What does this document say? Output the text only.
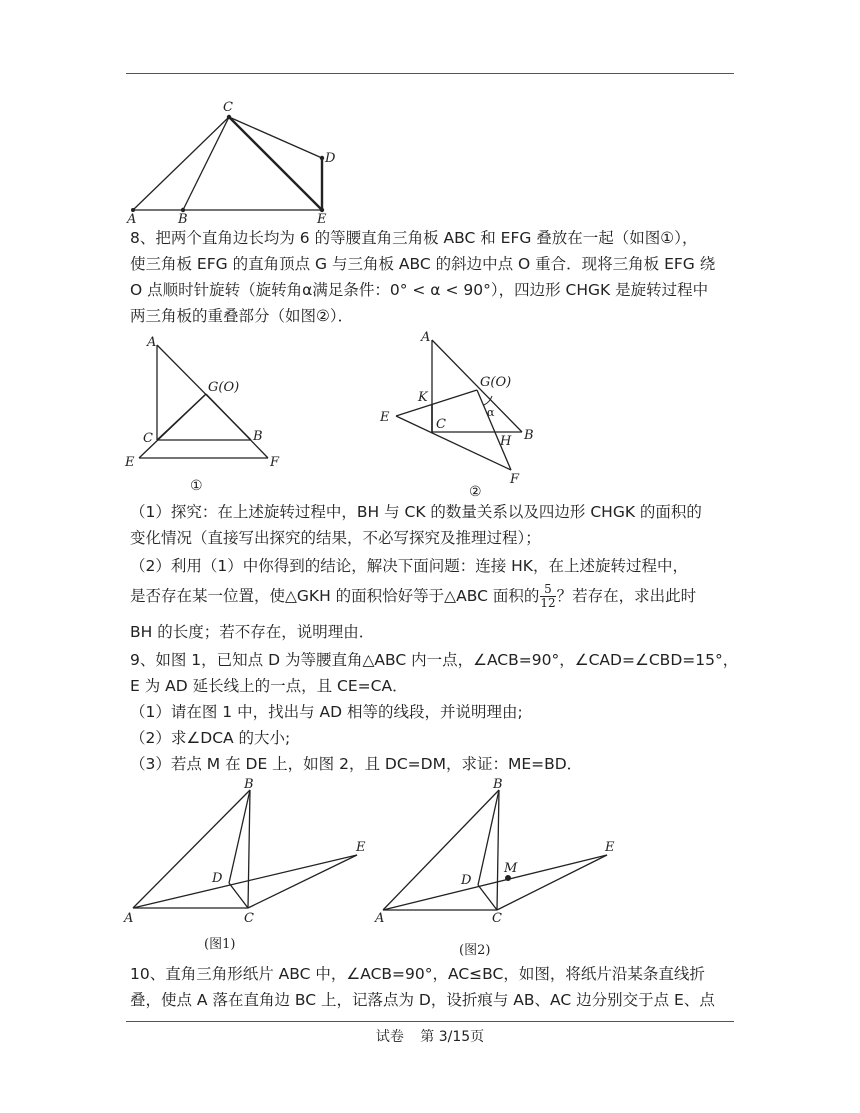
C
D
A	B	E
8、把两个直角边长均为 6 的等腰直角三角板 ABC 和 EFG 叠放在一起（如图①），
使三角板 EFG 的直角顶点 G 与三角板 ABC 的斜边中点 O 重合．现将三角板 EFG 绕
O 点顺时针旋转（旋转角α满足条件：0° < α < 90°），四边形 CHGK 是旋转过程中
两三角板的重叠部分（如图②）．
A
G(O)
C	B
E	F
①
A
G(O)
K
E	C
α
H B
F
②
（1）探究：在上述旋转过程中，BH 与 CK 的数量关系以及四边形 CHGK 的面积的
变化情况（直接写出探究的结果，不必写探究及推理过程）；
（2）利用（1）中你得到的结论，解决下面问题：连接 HK，在上述旋转过程中，
是否存在某一位置，使△GKH 的面积恰好等于△ABC 面积的 $\frac{5}{12}$ ？若存在，求出此时
BH 的长度；若不存在，说明理由．
9、如图 1，已知点 D 为等腰直角△ABC 内一点，∠ACB=90°，∠CAD=∠CBD=15°，
E 为 AD 延长线上的一点，且 CE=CA．
（1）请在图 1 中，找出与 AD 相等的线段，并说明理由;
（2）求∠DCA 的大小;
（3）若点 M 在 DE 上，如图 2，且 DC=DM，求证：ME=BD．
B
E
D
A	C
(图1)
B
E
M
D
A	C
(图2)
10、直角三角形纸片 ABC 中，∠ACB=90°，AC≤BC，如图，将纸片沿某条直线折
叠，使点 A 落在直角边 BC 上，记落点为 D，设折痕与 AB、AC 边分别交于点 E、点
试卷 第 3/15页
